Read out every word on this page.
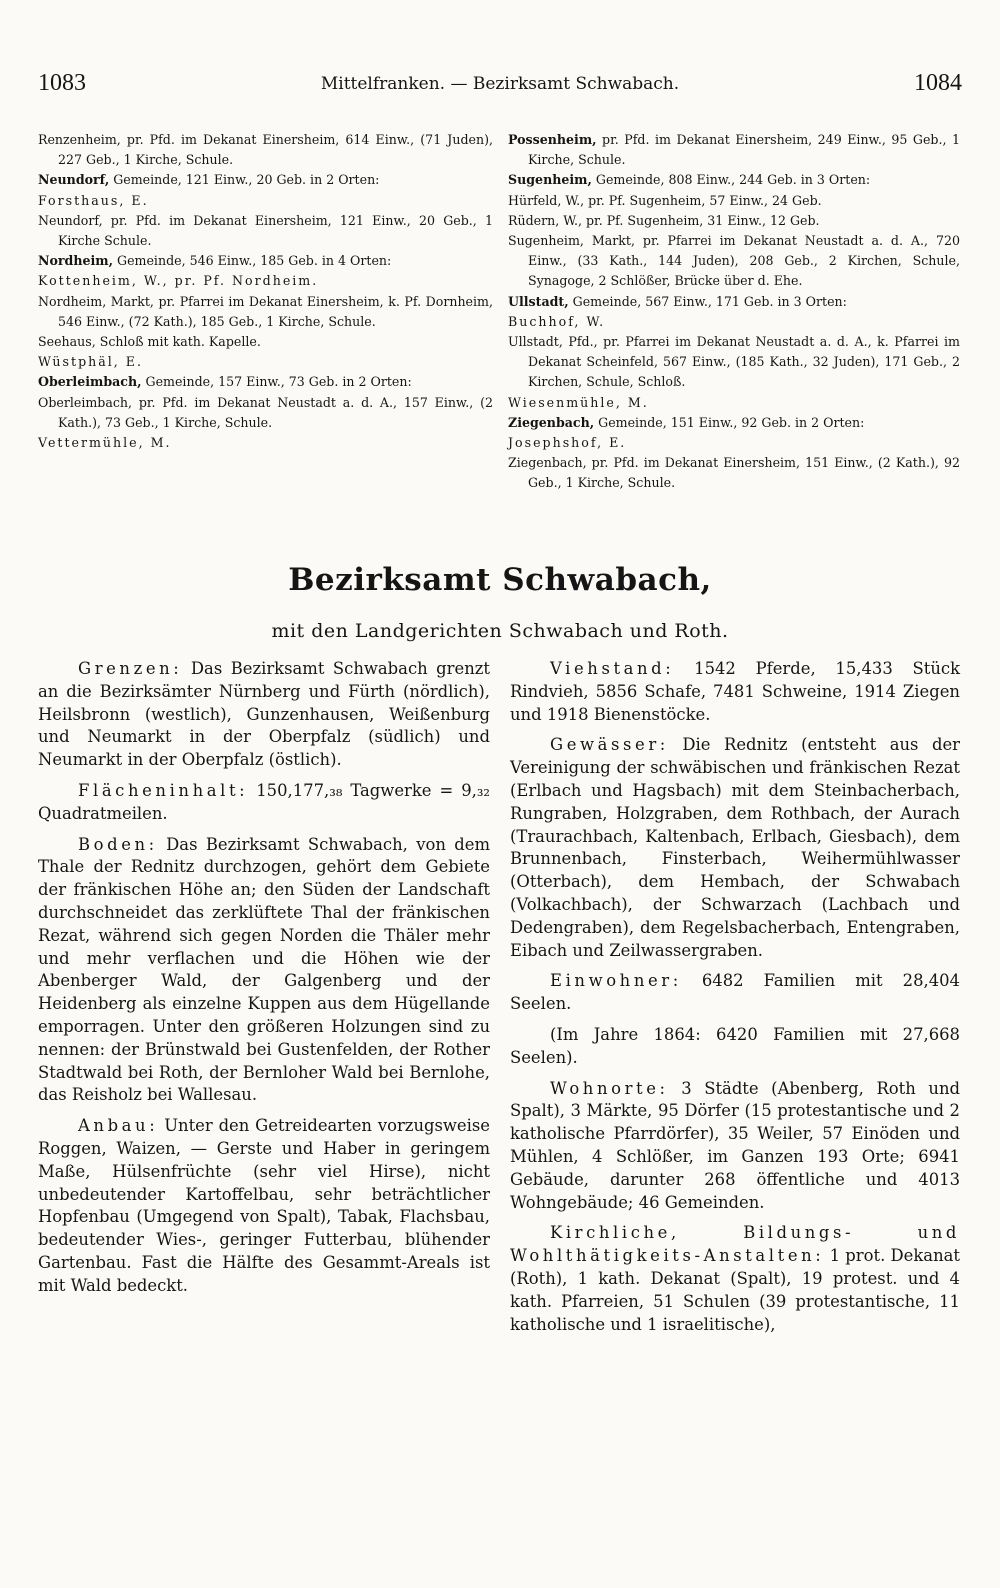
1083	Mittelfranken. — Bezirksamt Schwabach.	1084

Renzenheim, pr. Pfd. im Dekanat Einersheim, 614 Einw., (71 Juden), 227 Geb., 1 Kirche, Schule.

Neundorf, Gemeinde, 121 Einw., 20 Geb. in 2 Orten:

Forsthaus, E.

Neundorf, pr. Pfd. im Dekanat Einersheim, 121 Einw., 20 Geb., 1 Kirche Schule.

Nordheim, Gemeinde, 546 Einw., 185 Geb. in 4 Orten:

Kottenheim, W., pr. Pf. Nordheim.

Nordheim, Markt, pr. Pfarrei im Dekanat Einersheim, k. Pf. Dornheim, 546 Einw., (72 Kath.), 185 Geb., 1 Kirche, Schule.

Seehaus, Schloß mit kath. Kapelle.

Wüstphäl, E.

Oberleimbach, Gemeinde, 157 Einw., 73 Geb. in 2 Orten:

Oberleimbach, pr. Pfd. im Dekanat Neustadt a. d. A., 157 Einw., (2 Kath.), 73 Geb., 1 Kirche, Schule.

Vettermühle, M.

Possenheim, pr. Pfd. im Dekanat Einersheim, 249 Einw., 95 Geb., 1 Kirche, Schule.

Sugenheim, Gemeinde, 808 Einw., 244 Geb. in 3 Orten:

Hürfeld, W., pr. Pf. Sugenheim, 57 Einw., 24 Geb.

Rüdern, W., pr. Pf. Sugenheim, 31 Einw., 12 Geb.

Sugenheim, Markt, pr. Pfarrei im Dekanat Neustadt a. d. A., 720 Einw., (33 Kath., 144 Juden), 208 Geb., 2 Kirchen, Schule, Synagoge, 2 Schlößer, Brücke über d. Ehe.

Ullstadt, Gemeinde, 567 Einw., 171 Geb. in 3 Orten:

Buchhof, W.

Ullstadt, Pfd., pr. Pfarrei im Dekanat Neustadt a. d. A., k. Pfarrei im Dekanat Scheinfeld, 567 Einw., (185 Kath., 32 Juden), 171 Geb., 2 Kirchen, Schule, Schloß.

Wiesenmühle, M.

Ziegenbach, Gemeinde, 151 Einw., 92 Geb. in 2 Orten:

Josephshof, E.

Ziegenbach, pr. Pfd. im Dekanat Einersheim, 151 Einw., (2 Kath.), 92 Geb., 1 Kirche, Schule.

Bezirksamt Schwabach,
mit den Landgerichten Schwabach und Roth.

Grenzen: Das Bezirksamt Schwabach grenzt an die Bezirksämter Nürnberg und Fürth (nördlich), Heilsbronn (westlich), Gunzenhausen, Weißenburg und Neumarkt in der Oberpfalz (südlich) und Neumarkt in der Oberpfalz (östlich).

Flächeninhalt: 150,177,₃₈ Tagwerke = 9,₃₂ Quadratmeilen.

Boden: Das Bezirksamt Schwabach, von dem Thale der Rednitz durchzogen, gehört dem Gebiete der fränkischen Höhe an; den Süden der Landschaft durchschneidet das zerklüftete Thal der fränkischen Rezat, während sich gegen Norden die Thäler mehr und mehr verflachen und die Höhen wie der Abenberger Wald, der Galgenberg und der Heidenberg als einzelne Kuppen aus dem Hügellande emporragen. Unter den größeren Holzungen sind zu nennen: der Brünstwald bei Gustenfelden, der Rother Stadtwald bei Roth, der Bernloher Wald bei Bernlohe, das Reisholz bei Wallesau.

Anbau: Unter den Getreidearten vorzugsweise Roggen, Waizen, — Gerste und Haber in geringem Maße, Hülsenfrüchte (sehr viel Hirse), nicht unbedeutender Kartoffelbau, sehr beträchtlicher Hopfenbau (Umgegend von Spalt), Tabak, Flachsbau, bedeutender Wies-, geringer Futterbau, blühender Gartenbau. Fast die Hälfte des Gesammt-Areals ist mit Wald bedeckt.

Viehstand: 1542 Pferde, 15,433 Stück Rindvieh, 5856 Schafe, 7481 Schweine, 1914 Ziegen und 1918 Bienenstöcke.

Gewässer: Die Rednitz (entsteht aus der Vereinigung der schwäbischen und fränkischen Rezat (Erlbach und Hagsbach) mit dem Steinbacherbach, Rungraben, Holzgraben, dem Rothbach, der Aurach (Traurachbach, Kaltenbach, Erlbach, Giesbach), dem Brunnenbach, Finsterbach, Weihermühlwasser (Otterbach), dem Hembach, der Schwabach (Volkachbach), der Schwarzach (Lachbach und Dedengraben), dem Regelsbacherbach, Entengraben, Eibach und Zeilwassergraben.

Einwohner: 6482 Familien mit 28,404 Seelen.

(Im Jahre 1864: 6420 Familien mit 27,668 Seelen).

Wohnorte: 3 Städte (Abenberg, Roth und Spalt), 3 Märkte, 95 Dörfer (15 protestantische und 2 katholische Pfarrdörfer), 35 Weiler, 57 Einöden und Mühlen, 4 Schlößer, im Ganzen 193 Orte; 6941 Gebäude, darunter 268 öffentliche und 4013 Wohngebäude; 46 Gemeinden.

Kirchliche, Bildungs- und Wohlthätigkeits-Anstalten: 1 prot. Dekanat (Roth), 1 kath. Dekanat (Spalt), 19 protest. und 4 kath. Pfarreien, 51 Schulen (39 protestantische, 11 katholische und 1 israelitische),
